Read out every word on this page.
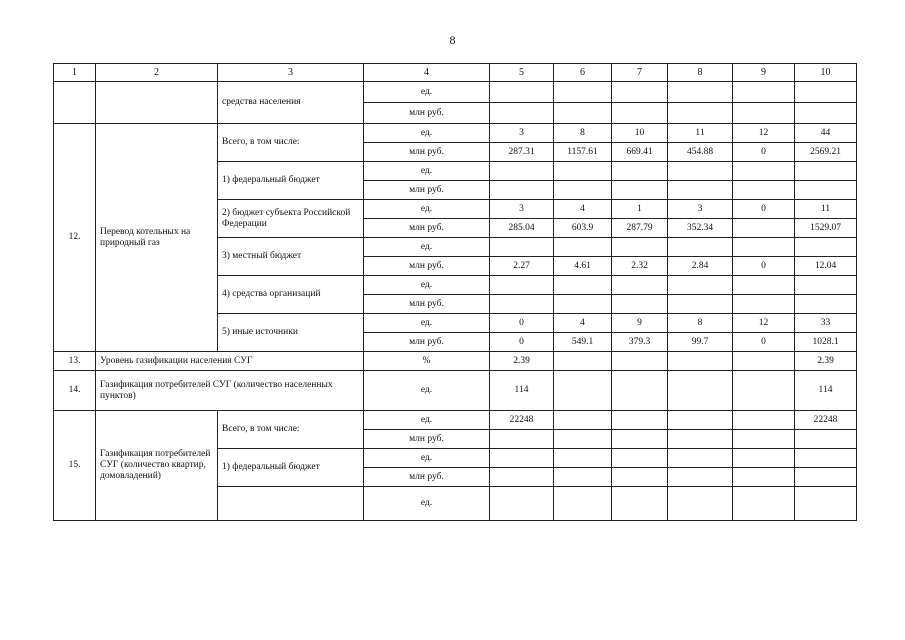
8
1	2	3	4	5	6	7	8	9	10
		средства населения	ед.						
			млн руб.						
12.	Перевод котельных на природный газ	Всего, в том числе:	ед.	3	8	10	11	12	44
			млн руб.	287.31	1157.61	669.41	454.88	0	2569.21
		1) федеральный бюджет	ед.						
			млн руб.						
		2) бюджет субъекта Российской Федерации	ед.	3	4	1	3	0	11
			млн руб.	285.04	603.9	287.79	352.34		1529.07
		3) местный бюджет	ед.						
			млн руб.	2.27	4.61	2.32	2.84	0	12.04
		4) средства организаций	ед.						
			млн руб.						
		5) иные источники	ед.	0	4	9	8	12	33
			млн руб.	0	549.1	379.3	99.7	0	1028.1
13.	Уровень газификации населения СУГ		%	2.39					2.39
14.	Газификация потребителей СУГ (количество населенных пунктов)		ед.	114					114
15.	Газификация потребителей СУГ (количество квартир, домовладений)	Всего, в том числе:	ед.	22248					22248
			млн руб.						
		1) федеральный бюджет	ед.						
			млн руб.						
			ед.						
